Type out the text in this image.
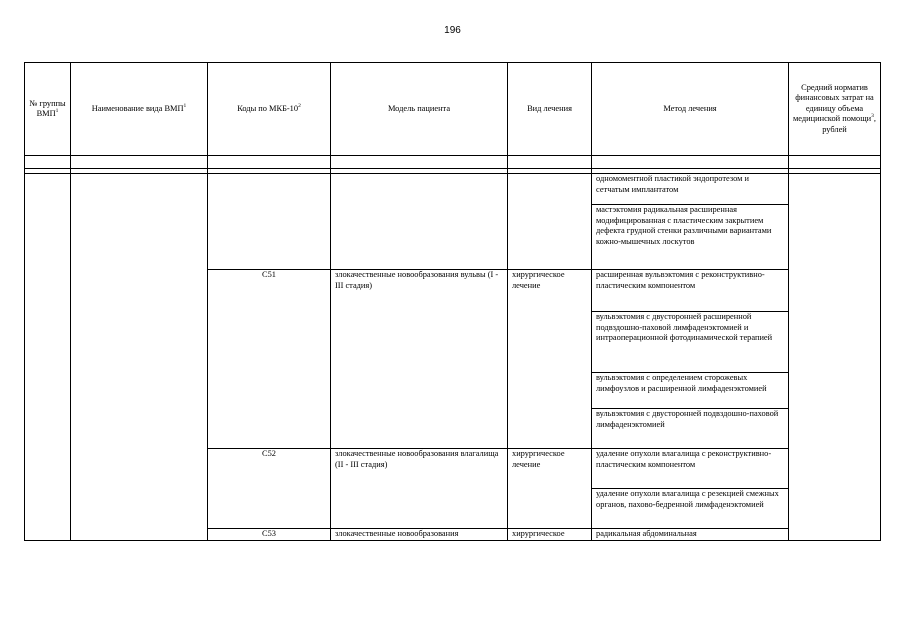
196
№ группы ВМП$^1$	Наименование вида ВМП$^1$	Коды по МКБ-$10^2$	Модель пациента	Вид лечения	Метод лечения	Средний норматив финансовых затрат на единицу объема медицинской помощи$^3$, рублей

					одномоментной пластикой эндопротезом и сетчатым имплантатом	
					мастэктомия радикальная расширенная модифицированная с пластическим закрытием дефекта грудной стенки различными вариантами кожно-мышечных лоскутов	
		C51	злокачественные новообразования вульвы (I - III стадия)	хирургическое лечение	расширенная вульвэктомия с реконструктивно-пластическим компонентом	
					вульвэктомия с двусторонней расширенной подвздошно-паховой лимфаденэктомией и интраоперационной фотодинамической терапией	
					вульвэктомия с определением сторожевых лимфоузлов и расширенной лимфаденэктомией	
					вульвэктомия с двусторонней подвздошно-паховой лимфаденэктомией	
		C52	злокачественные новообразования влагалища (II - III стадия)	хирургическое лечение	удаление опухоли влагалища с реконструктивно-пластическим компонентом	
					удаление опухоли влагалища с резекцией смежных органов, пахово-бедренной лимфаденэктомией	
		C53	злокачественные новообразования	хирургическое	радикальная абдоминальная	
